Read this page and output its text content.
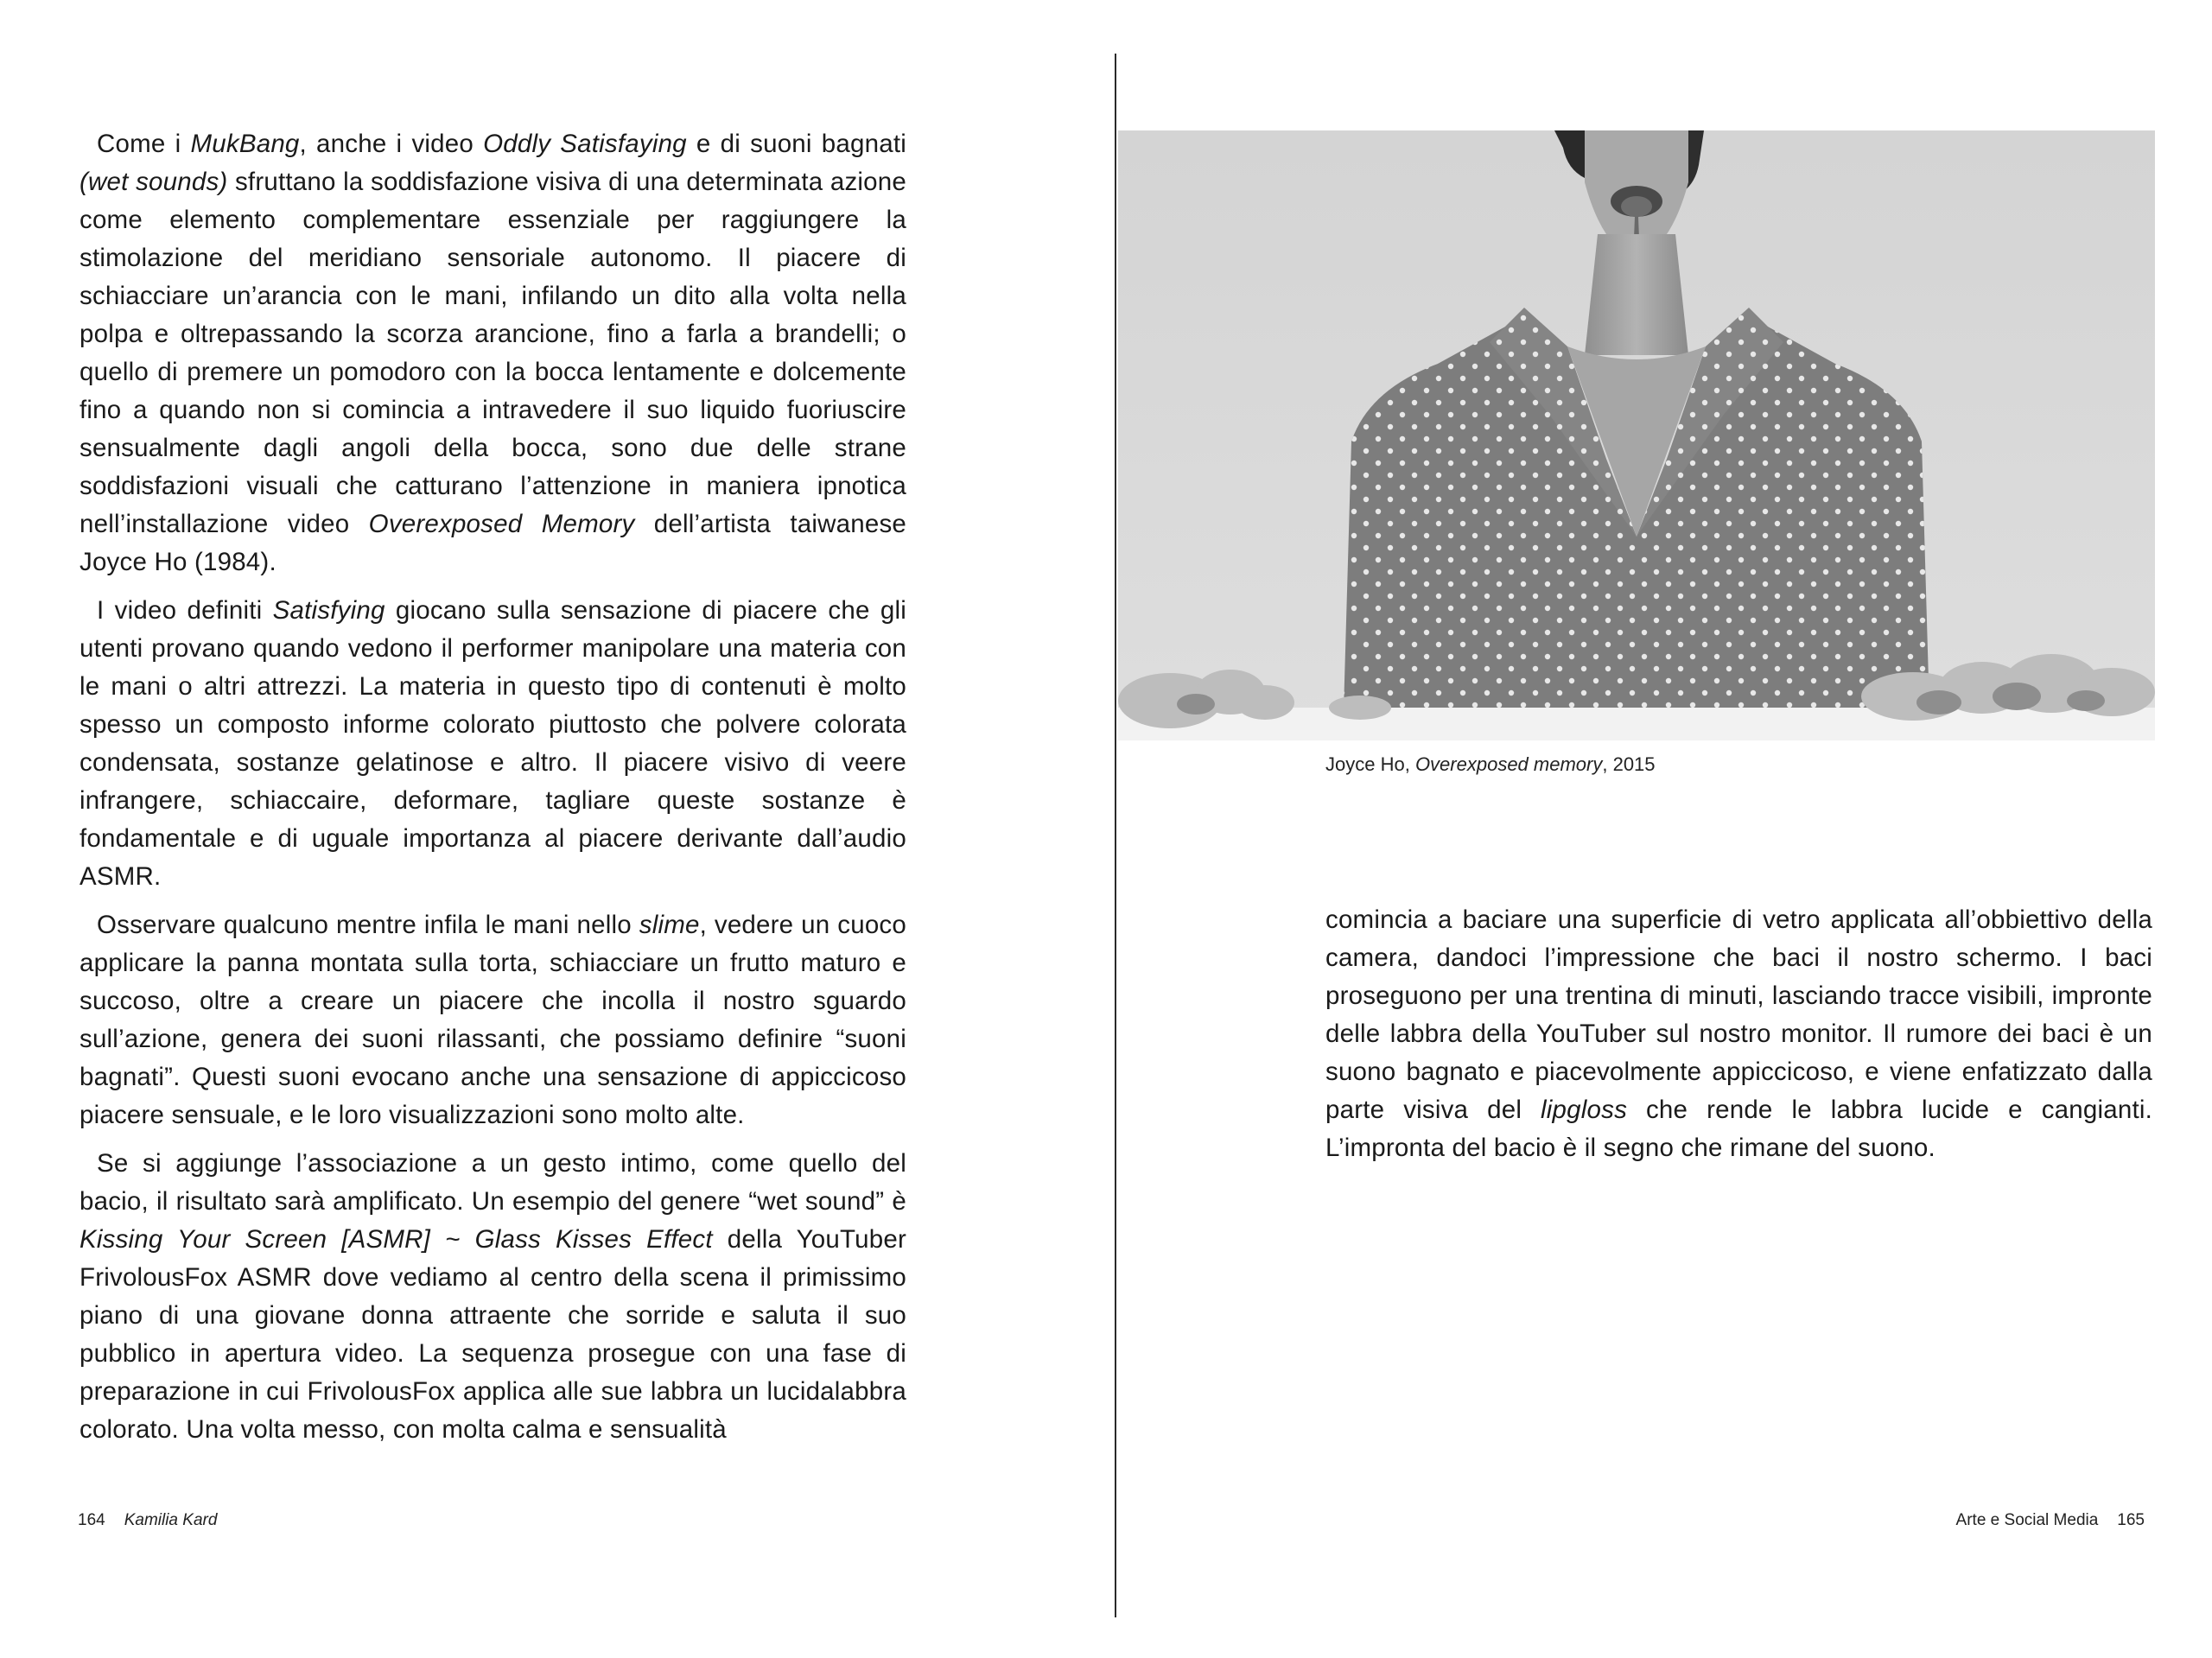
Come i MukBang, anche i video Oddly Satisfaying e di suoni bagnati (wet sounds) sfruttano la soddisfazione visiva di una determinata azione come elemento complementare essenziale per raggiungere la stimolazione del meridiano sensoriale autonomo. Il piacere di schiacciare un’arancia con le mani, infilando un dito alla volta nella polpa e oltrepassando la scorza arancione, fino a farla a brandelli; o quello di premere un pomodoro con la bocca lentamente e dolcemente fino a quando non si comincia a intravedere il suo liquido fuoriuscire sensualmente dagli angoli della bocca, sono due delle strane soddisfazioni visuali che catturano l’attenzione in maniera ipnotica nell’installazione video Overexposed Memory dell’artista taiwanese Joyce Ho (1984).

I video definiti Satisfying giocano sulla sensazione di piacere che gli utenti provano quando vedono il performer manipolare una materia con le mani o altri attrezzi. La materia in questo tipo di contenuti è molto spesso un composto informe colorato piuttosto che polvere colorata condensata, sostanze gelatinose e altro. Il piacere visivo di veere infrangere, schiaccaire, deformare, tagliare queste sostanze è fondamentale e di uguale importanza al piacere derivante dall’audio ASMR.

Osservare qualcuno mentre infila le mani nello slime, vedere un cuoco applicare la panna montata sulla torta, schiacciare un frutto maturo e succoso, oltre a creare un piacere che incolla il nostro sguardo sull’azione, genera dei suoni rilassanti, che possiamo definire “suoni bagnati”. Questi suoni evocano anche una sensazione di appiccicoso piacere sensuale, e le loro visualizzazioni sono molto alte.

Se si aggiunge l’associazione a un gesto intimo, come quello del bacio, il risultato sarà amplificato. Un esempio del genere “wet sound” è Kissing Your Screen [ASMR] ~ Glass Kisses Effect della YouTuber FrivolousFox ASMR dove vediamo al centro della scena il primissimo piano di una giovane donna attraente che sorride e saluta il suo pubblico in apertura video. La sequenza prosegue con una fase di preparazione in cui FrivolousFox applica alle sue labbra un lucidalabbra colorato. Una volta messo, con molta calma e sensualità

164 Kamilia Kard
Joyce Ho, Overexposed memory, 2015

comincia a baciare una superficie di vetro applicata all’obbiettivo della camera, dandoci l’impressione che baci il nostro schermo. I baci proseguono per una trentina di minuti, lasciando tracce visibili, impronte delle labbra della YouTuber sul nostro monitor. Il rumore dei baci è un suono bagnato e piacevolmente appiccicoso, e viene enfatizzato dalla parte visiva del lipgloss che rende le labbra lucide e cangianti. L’impronta del bacio è il segno che rimane del suono.

Arte e Social Media 165
